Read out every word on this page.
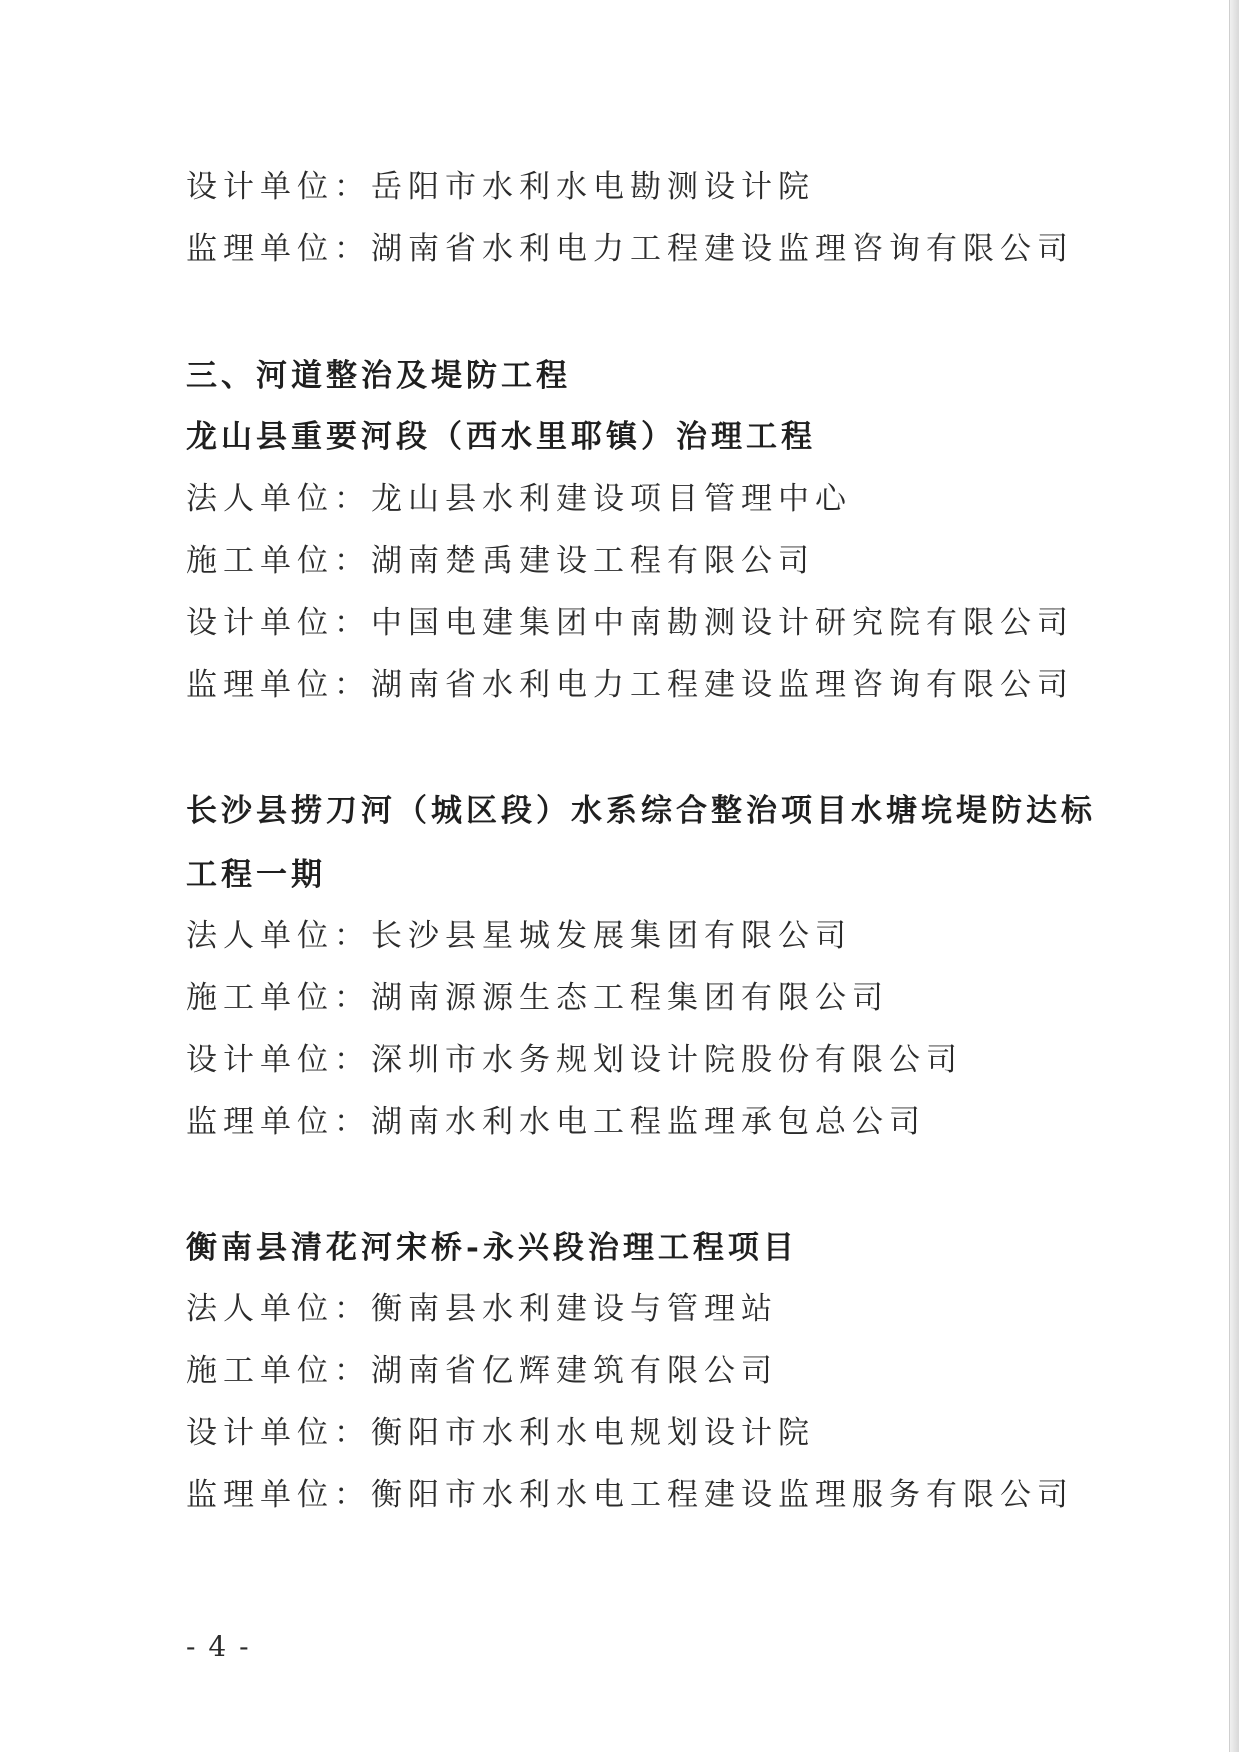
设计单位：岳阳市水利水电勘测设计院
监理单位：湖南省水利电力工程建设监理咨询有限公司
三、河道整治及堤防工程
龙山县重要河段（西水里耶镇）治理工程
法人单位：龙山县水利建设项目管理中心
施工单位：湖南楚禹建设工程有限公司
设计单位：中国电建集团中南勘测设计研究院有限公司
监理单位：湖南省水利电力工程建设监理咨询有限公司
长沙县捞刀河（城区段）水系综合整治项目水塘垸堤防达标
工程一期
法人单位：长沙县星城发展集团有限公司
施工单位：湖南源源生态工程集团有限公司
设计单位：深圳市水务规划设计院股份有限公司
监理单位：湖南水利水电工程监理承包总公司
衡南县清花河宋桥-永兴段治理工程项目
法人单位：衡南县水利建设与管理站
施工单位：湖南省亿辉建筑有限公司
设计单位：衡阳市水利水电规划设计院
监理单位：衡阳市水利水电工程建设监理服务有限公司
- 4 -
